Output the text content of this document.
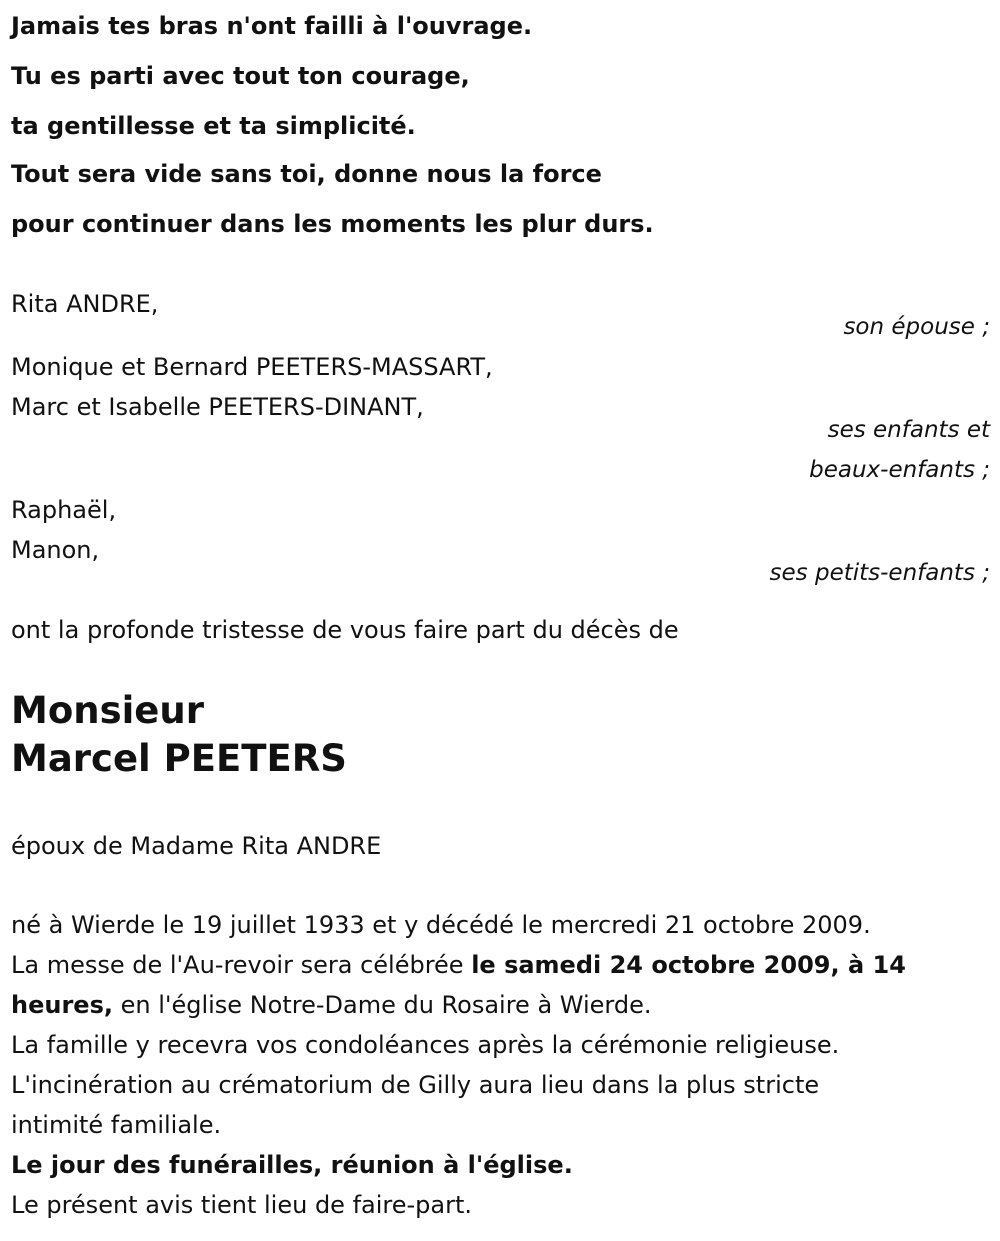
Jamais tes bras n'ont failli à l'ouvrage.
Tu es parti avec tout ton courage,
ta gentillesse et ta simplicité.
Tout sera vide sans toi, donne nous la force
pour continuer dans les moments les plur durs.
Rita ANDRE,
son épouse ;
Monique et Bernard PEETERS-MASSART,
Marc et Isabelle PEETERS-DINANT,
ses enfants et
beaux-enfants ;
Raphaël,
Manon,
ses petits-enfants ;
ont la profonde tristesse de vous faire part du décès de
Monsieur
Marcel PEETERS
époux de Madame Rita ANDRE
né à Wierde le 19 juillet 1933 et y décédé le mercredi 21 octobre 2009.
La messe de l'Au-revoir sera célébrée le samedi 24 octobre 2009, à 14
heures, en l'église Notre-Dame du Rosaire à Wierde.
La famille y recevra vos condoléances après la cérémonie religieuse.
L'incinération au crématorium de Gilly aura lieu dans la plus stricte
intimité familiale.
Le jour des funérailles, réunion à l'église.
Le présent avis tient lieu de faire-part.
